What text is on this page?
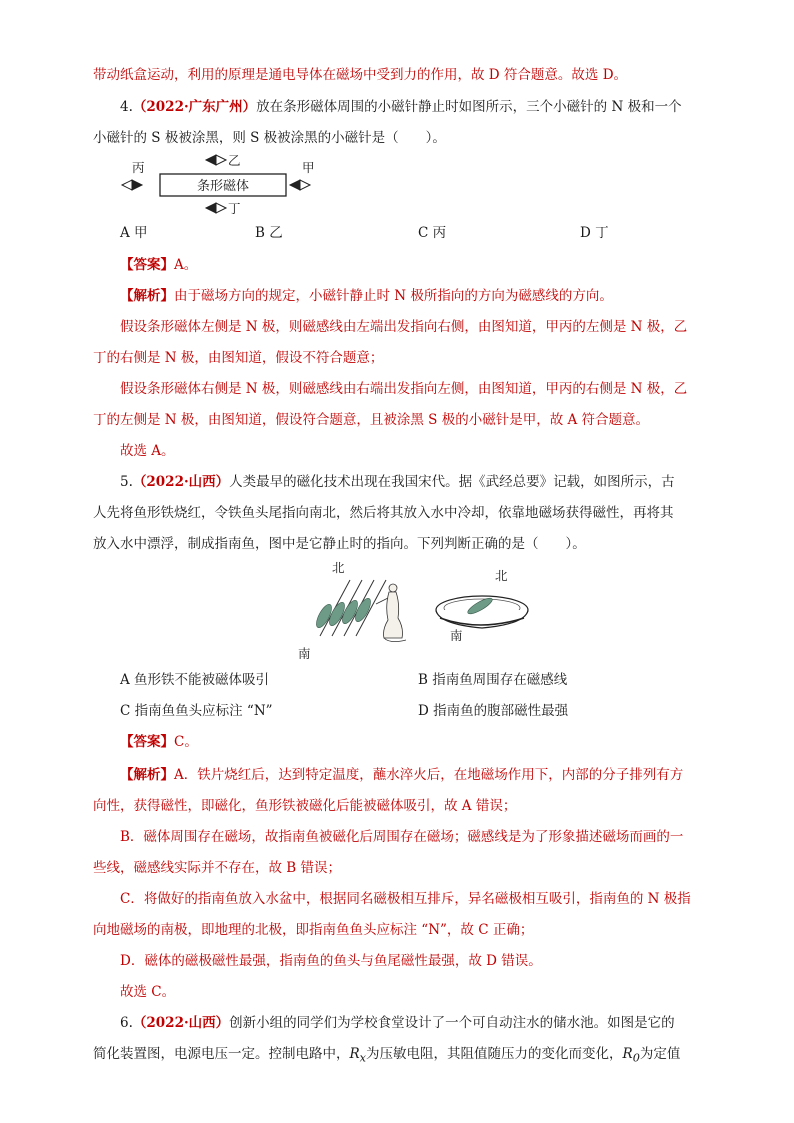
带动纸盒运动，利用的原理是通电导体在磁场中受到力的作用，故 D 符合题意。故选 D。
4.（2022·广东广州）放在条形磁体周围的小磁针静止时如图所示，三个小磁针的 N 极和一个
小磁针的 S 极被涂黑，则 S 极被涂黑的小磁针是（　　）。
条形磁体
丙	乙	甲
丁
A 甲	B 乙	C 丙	D 丁
【答案】A。
【解析】由于磁场方向的规定，小磁针静止时 N 极所指向的方向为磁感线的方向。
假设条形磁体左侧是 N 极，则磁感线由左端出发指向右侧，由图知道，甲丙的左侧是 N 极，乙
丁的右侧是 N 极，由图知道，假设不符合题意；
假设条形磁体右侧是 N 极，则磁感线由右端出发指向左侧，由图知道，甲丙的右侧是 N 极，乙
丁的左侧是 N 极，由图知道，假设符合题意，且被涂黑 S 极的小磁针是甲，故 A 符合题意。
故选 A。
5.（2022·山西）人类最早的磁化技术出现在我国宋代。据《武经总要》记载，如图所示，古
人先将鱼形铁烧红，令铁鱼头尾指向南北，然后将其放入水中冷却，依靠地磁场获得磁性，再将其
放入水中漂浮，制成指南鱼，图中是它静止时的指向。下列判断正确的是（　　）。
北
南
北
南
A 鱼形铁不能被磁体吸引	B 指南鱼周围存在磁感线
C 指南鱼鱼头应标注 “N”	D 指南鱼的腹部磁性最强
【答案】C。
【解析】A．铁片烧红后，达到特定温度，蘸水淬火后，在地磁场作用下，内部的分子排列有方
向性，获得磁性，即磁化，鱼形铁被磁化后能被磁体吸引，故 A 错误；
B．磁体周围存在磁场，故指南鱼被磁化后周围存在磁场；磁感线是为了形象描述磁场而画的一
些线，磁感线实际并不存在，故 B 错误；
C．将做好的指南鱼放入水盆中，根据同名磁极相互排斥，异名磁极相互吸引，指南鱼的 N 极指
向地磁场的南极，即地理的北极，即指南鱼鱼头应标注 “N”，故 C 正确；
D．磁体的磁极磁性最强，指南鱼的鱼头与鱼尾磁性最强，故 D 错误。
故选 C。
6.（2022·山西）创新小组的同学们为学校食堂设计了一个可自动注水的储水池。如图是它的
简化装置图，电源电压一定。控制电路中，$R_x$为压敏电阻，其阻值随压力的变化而变化，$R_0$为定值
